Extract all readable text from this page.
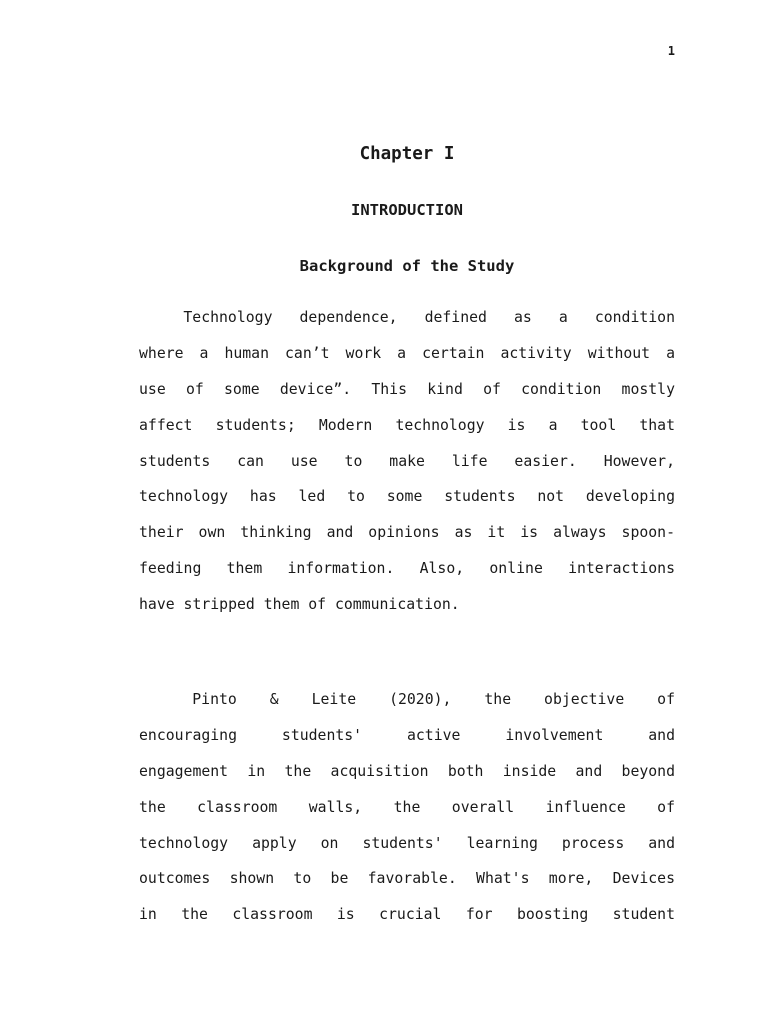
1
Chapter I
INTRODUCTION
Background of the Study
Technology dependence, defined as a condition
where a human can’t work a certain activity without a
use of some device”. This kind of condition mostly
affect students; Modern technology is a tool that
students can use to make life easier. However,
technology has led to some students not developing
their own thinking and opinions as it is always spoon-
feeding them information. Also, online interactions
have stripped them of communication.
Pinto & Leite (2020), the objective of
encouraging students' active involvement and
engagement in the acquisition both inside and beyond
the classroom walls, the overall influence of
technology apply on students' learning process and
outcomes shown to be favorable. What's more, Devices
in the classroom is crucial for boosting student
